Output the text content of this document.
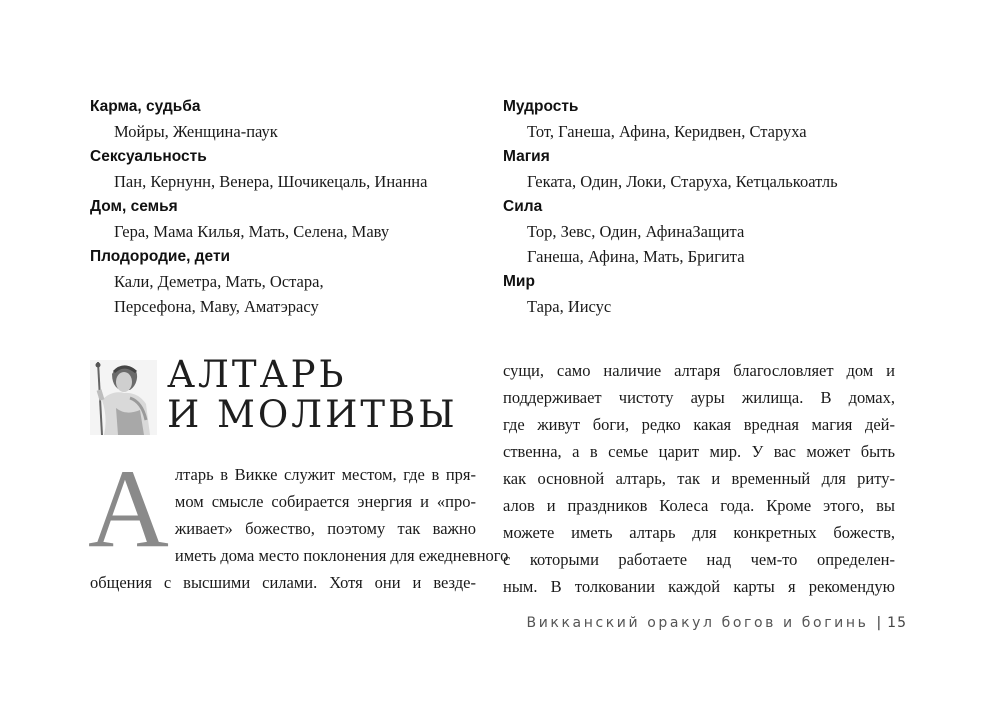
Карма, судьба
Мойры, Женщина-паук
Сексуальность
Пан, Кернунн, Венера, Шочикецаль, Инанна
Дом, семья
Гера, Мама Килья, Мать, Селена, Маву
Плодородие, дети
Кали, Деметра, Мать, Остара,
Персефона, Маву, Аматэрасу
Мудрость
Тот, Ганеша, Афина, Керидвен, Старуха
Магия
Геката, Один, Локи, Старуха, Кетцалькоатль
Сила
Тор, Зевс, Один, АфинаЗащита
Ганеша, Афина, Мать, Бригита
Мир
Тара, Иисус
АЛТАРЬ
И МОЛИТВЫ
А лтарь в Викке служит местом, где в пря-
мом смысле собирается энергия и «про-
живает» божество, поэтому так важно
иметь дома место поклонения для ежедневного
общения с высшими силами. Хотя они и везде-
сущи, само наличие алтаря благословляет дом и
поддерживает чистоту ауры жилища. В домах,
где живут боги, редко какая вредная магия дей-
ственна, а в семье царит мир. У вас может быть
как основной алтарь, так и временный для риту-
алов и праздников Колеса года. Кроме этого, вы
можете иметь алтарь для конкретных божеств,
с которыми работаете над чем-то определен-
ным. В толковании каждой карты я рекомендую
Викканский оракул богов и богинь | 15
